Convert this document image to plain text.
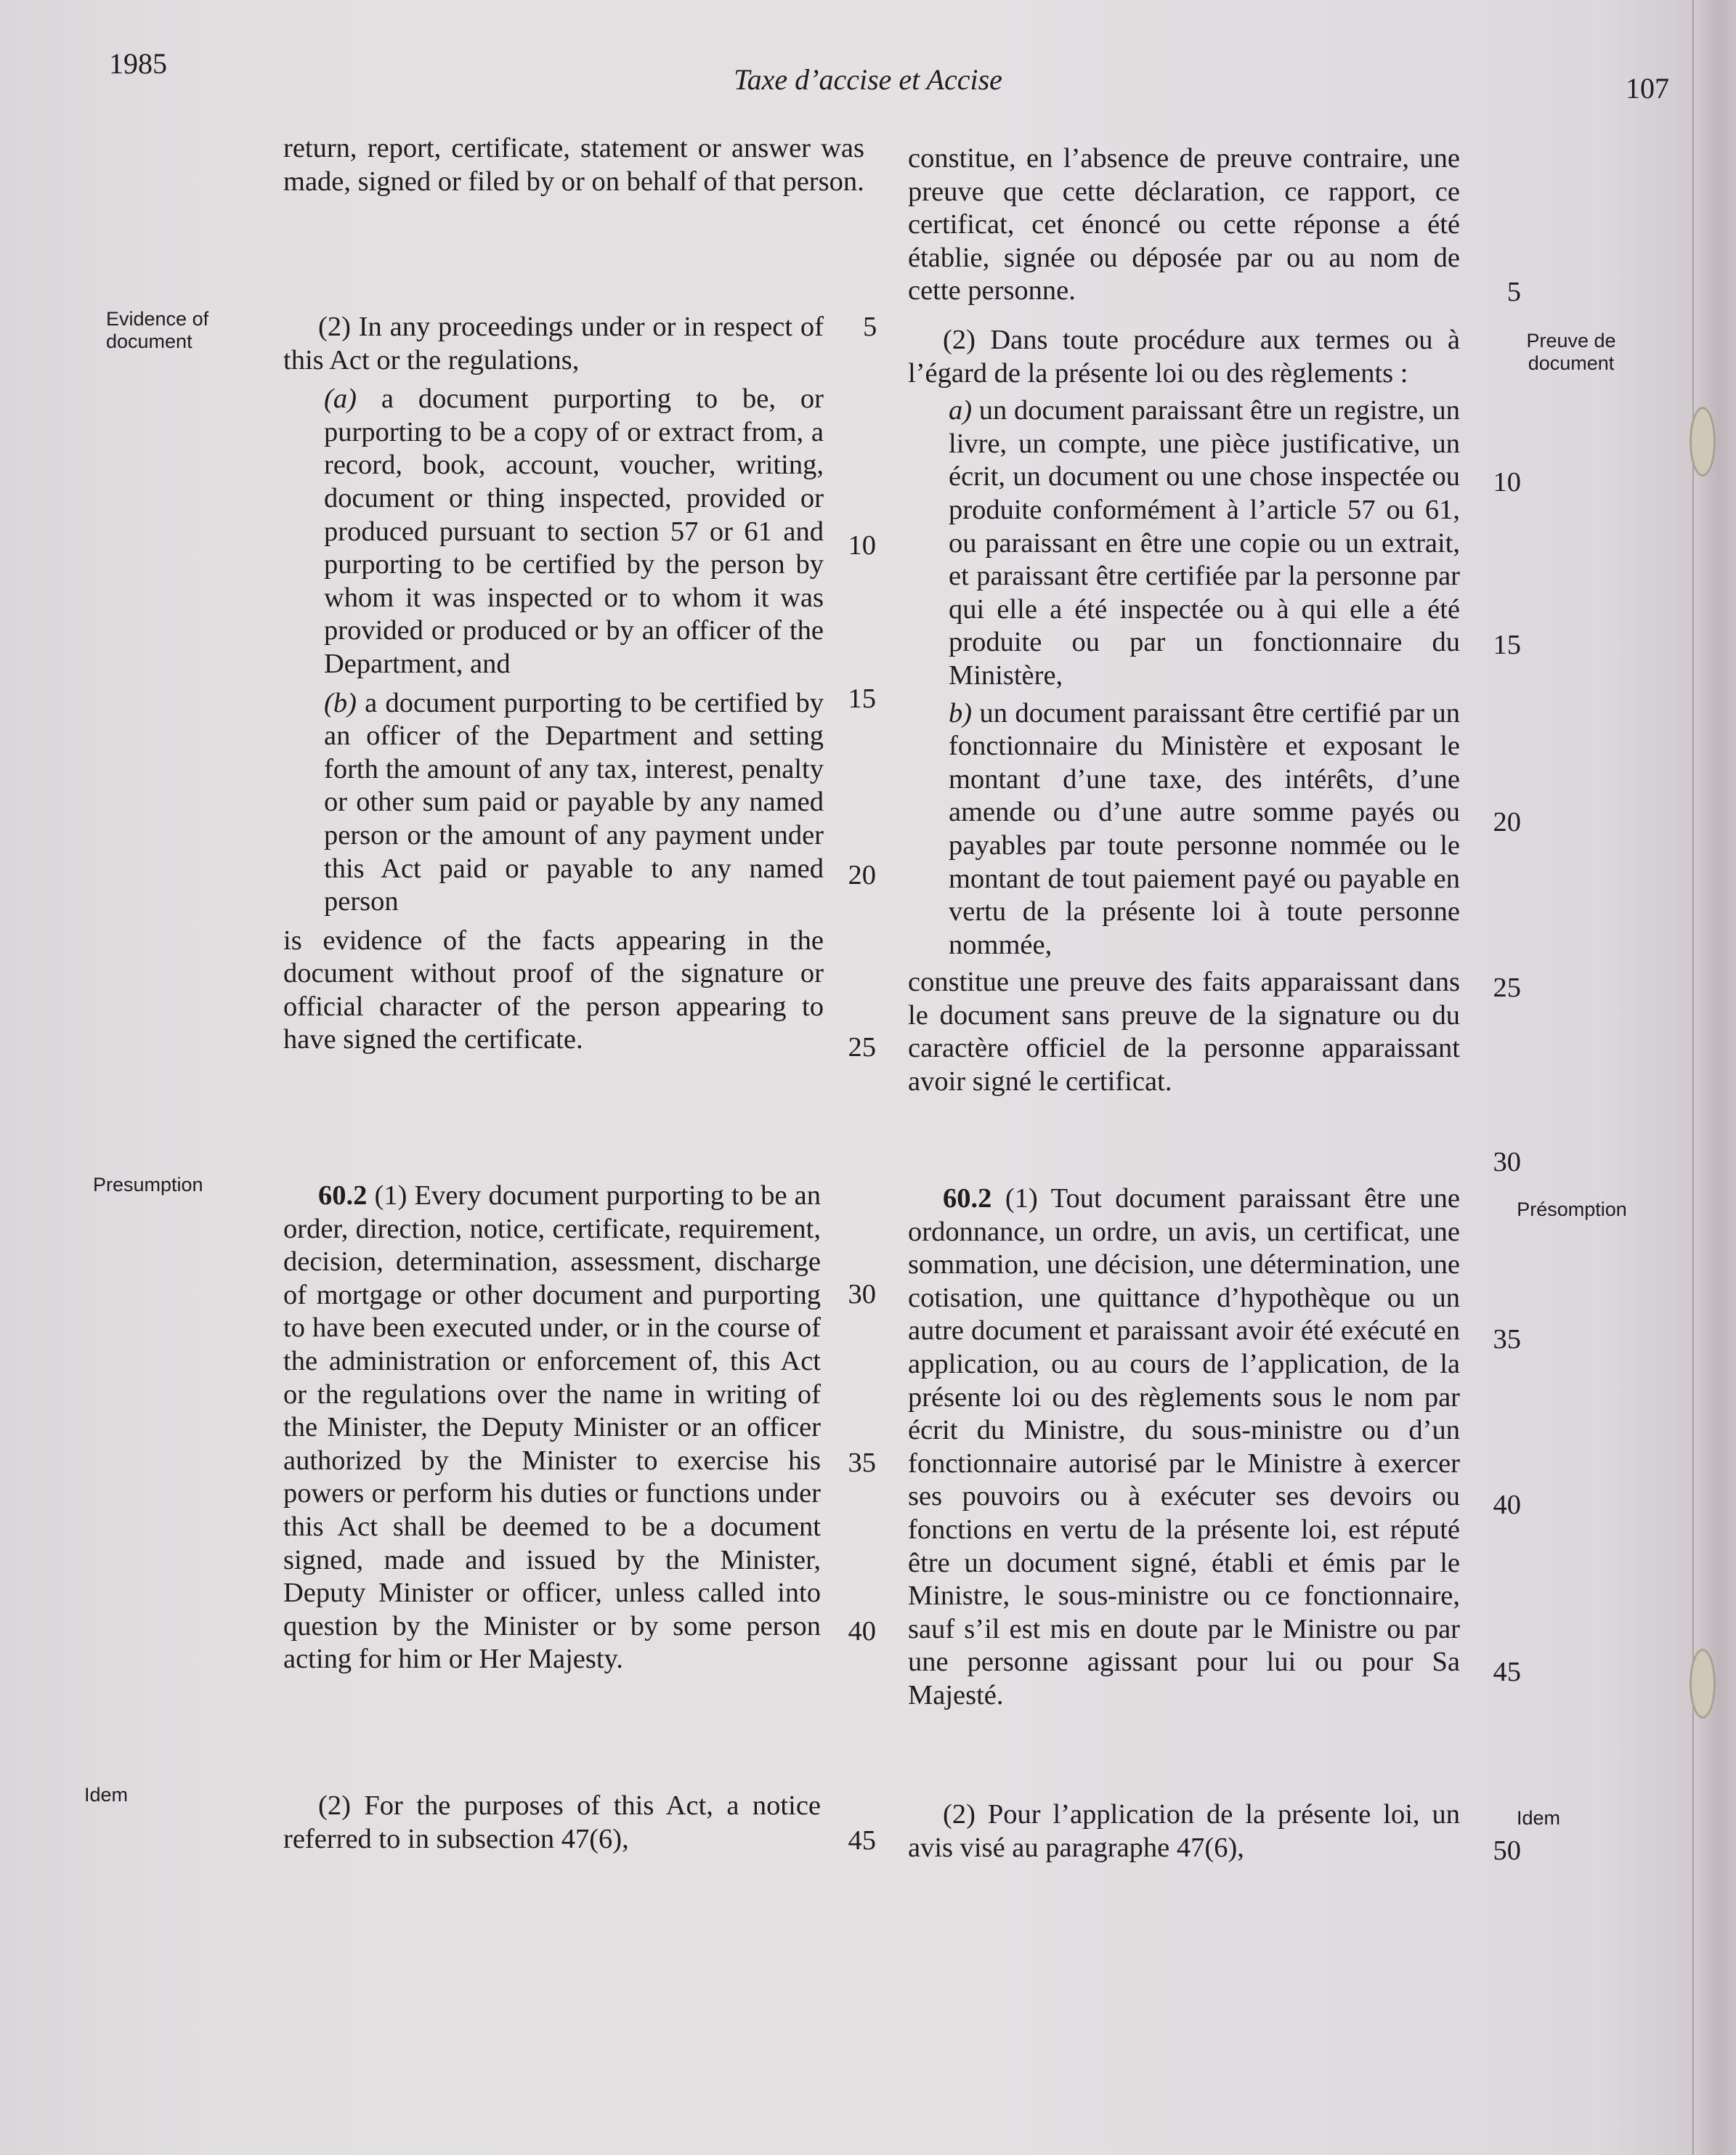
1985	Taxe d’accise et Accise	107
Evidence of document
Presumption
Idem
Preuve de document
Présomption
Idem

return, report, certificate, statement or answer was made, signed or filed by or on behalf of that person.

5
(2) In any proceedings under or in respect of this Act or the regulations,

(a) a document purporting to be, or purporting to be a copy of or extract from, a record, book, account, voucher, writing, document or thing inspected, provided or produced pursuant to section 57 or 61 and purporting to be certified by the person by whom it was inspected or to whom it was provided or produced or by an officer of the Department, and

(b) a document purporting to be certified by an officer of the Department and setting forth the amount of any tax, interest, penalty or other sum paid or payable by any named person or the amount of any payment under this Act paid or payable to any named person

is evidence of the facts appearing in the document without proof of the signature or official character of the person appearing to have signed the certificate.

10
15
20
25
30
35
40
45

60.2 (1) Every document purporting to be an order, direction, notice, certificate, requirement, decision, determination, assessment, discharge of mortgage or other document and purporting to have been executed under, or in the course of the administration or enforcement of, this Act or the regulations over the name in writing of the Minister, the Deputy Minister or an officer authorized by the Minister to exercise his powers or perform his duties or functions under this Act shall be deemed to be a document signed, made and issued by the Minister, Deputy Minister or officer, unless called into question by the Minister or by some person acting for him or Her Majesty.

(2) For the purposes of this Act, a notice referred to in subsection 47(6),

constitue, en l’absence de preuve contraire, une preuve que cette déclaration, ce rapport, ce certificat, cet énoncé ou cette réponse a été établie, signée ou déposée par ou au nom de cette personne.	5

(2) Dans toute procédure aux termes ou à l’égard de la présente loi ou des règlements :

a) un document paraissant être un registre, un livre, un compte, une pièce justificative, un écrit, un document ou une chose inspectée ou produite conformément à l’article 57 ou 61, ou paraissant en être une copie ou un extrait, et paraissant être certifiée par la personne par qui elle a été inspectée ou à qui elle a été produite ou par un fonctionnaire du Ministère,

b) un document paraissant être certifié par un fonctionnaire du Ministère et exposant le montant d’une taxe, des intérêts, d’une amende ou d’une autre somme payés ou payables par toute personne nommée ou le montant de tout paiement payé ou payable en vertu de la présente loi à toute personne nommée,

constitue une preuve des faits apparaissant dans le document sans preuve de la signature ou du caractère officiel de la personne apparaissant avoir signé le certificat.

10
15
20
25
30
35
40
45
50

60.2 (1) Tout document paraissant être une ordonnance, un ordre, un avis, un certificat, une sommation, une décision, une détermination, une cotisation, une quittance d’hypothèque ou un autre document et paraissant avoir été exécuté en application, ou au cours de l’application, de la présente loi ou des règlements sous le nom par écrit du Ministre, du sous-ministre ou d’un fonctionnaire autorisé par le Ministre à exercer ses pouvoirs ou à exécuter ses devoirs ou fonctions en vertu de la présente loi, est réputé être un document signé, établi et émis par le Ministre, le sous-ministre ou ce fonctionnaire, sauf s’il est mis en doute par le Ministre ou par une personne agissant pour lui ou pour Sa Majesté.

(2) Pour l’application de la présente loi, un avis visé au paragraphe 47(6),
